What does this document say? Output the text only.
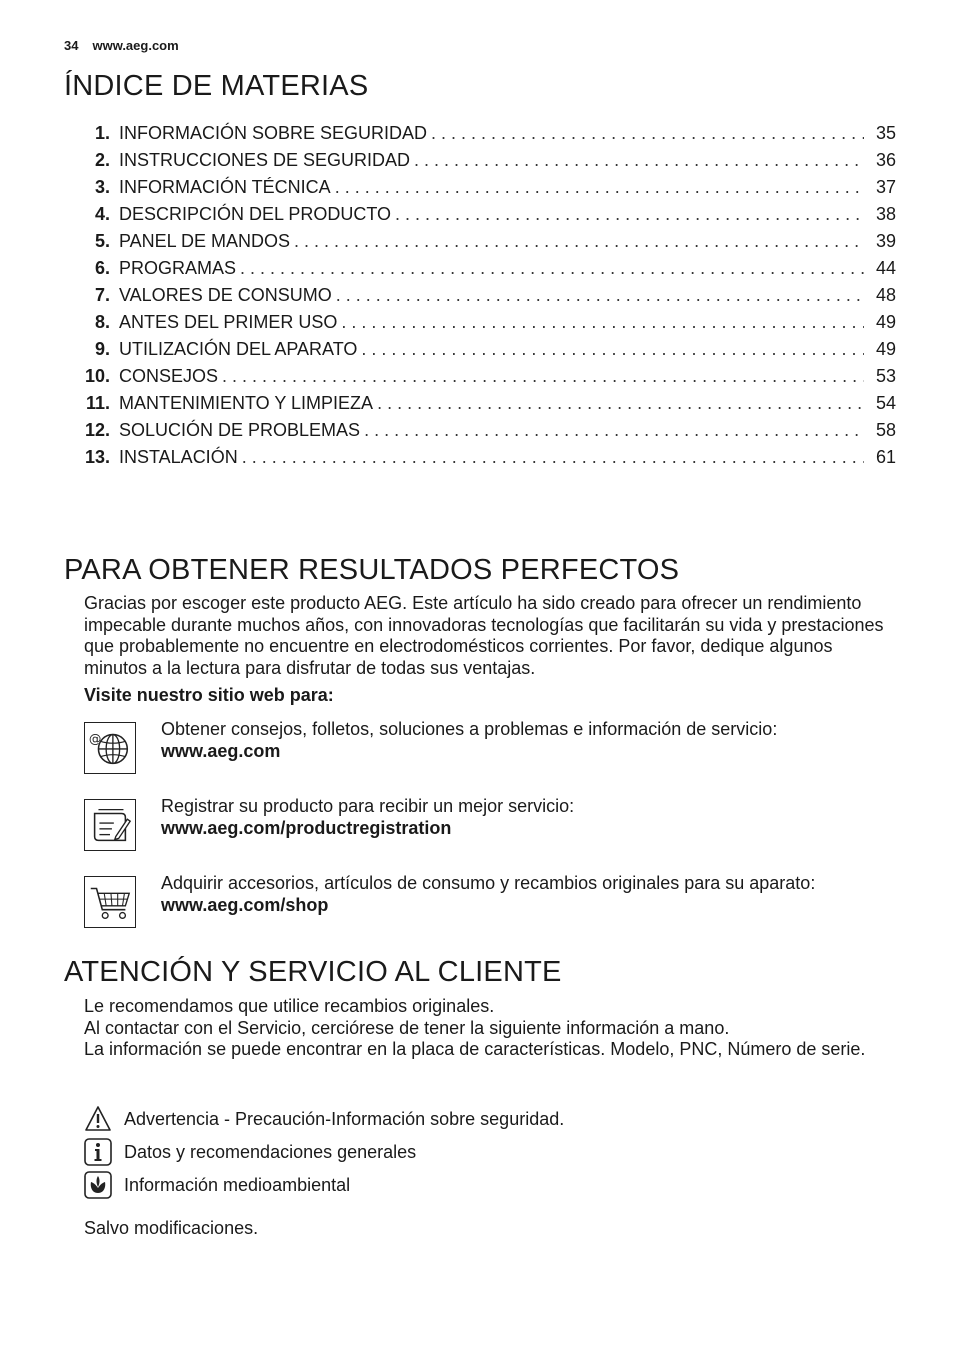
34 www.aeg.com
ÍNDICE DE MATERIAS
1. INFORMACIÓN SOBRE SEGURIDAD . . .	35
2. INSTRUCCIONES DE SEGURIDAD . . .	36
3. INFORMACIÓN TÉCNICA . . .	37
4. DESCRIPCIÓN DEL PRODUCTO . . .	38
5. PANEL DE MANDOS . . .	39
6. PROGRAMAS . . .	44
7. VALORES DE CONSUMO . . .	48
8. ANTES DEL PRIMER USO . . .	49
9. UTILIZACIÓN DEL APARATO . . .	49
10. CONSEJOS . . .	53
11. MANTENIMIENTO Y LIMPIEZA . . .	54
12. SOLUCIÓN DE PROBLEMAS . . .	58
13. INSTALACIÓN . . .	61
PARA OBTENER RESULTADOS PERFECTOS
Gracias por escoger este producto AEG. Este artículo ha sido creado para ofrecer un rendimiento impecable durante muchos años, con innovadoras tecnologías que facilitarán su vida y prestaciones que probablemente no encuentre en electrodomésticos corrientes. Por favor, dedique algunos minutos a la lectura para disfrutar de todas sus ventajas.
Visite nuestro sitio web para:
@	Obtener consejos, folletos, soluciones a problemas e información de servicio:
www.aeg.com
Registrar su producto para recibir un mejor servicio:
www.aeg.com/productregistration
Adquirir accesorios, artículos de consumo y recambios originales para su aparato:
www.aeg.com/shop
ATENCIÓN Y SERVICIO AL CLIENTE
Le recomendamos que utilice recambios originales.
Al contactar con el Servicio, cerciórese de tener la siguiente información a mano.
La información se puede encontrar en la placa de características. Modelo, PNC, Número de serie.
Advertencia - Precaución-Información sobre seguridad.
Datos y recomendaciones generales
Información medioambiental
Salvo modificaciones.
